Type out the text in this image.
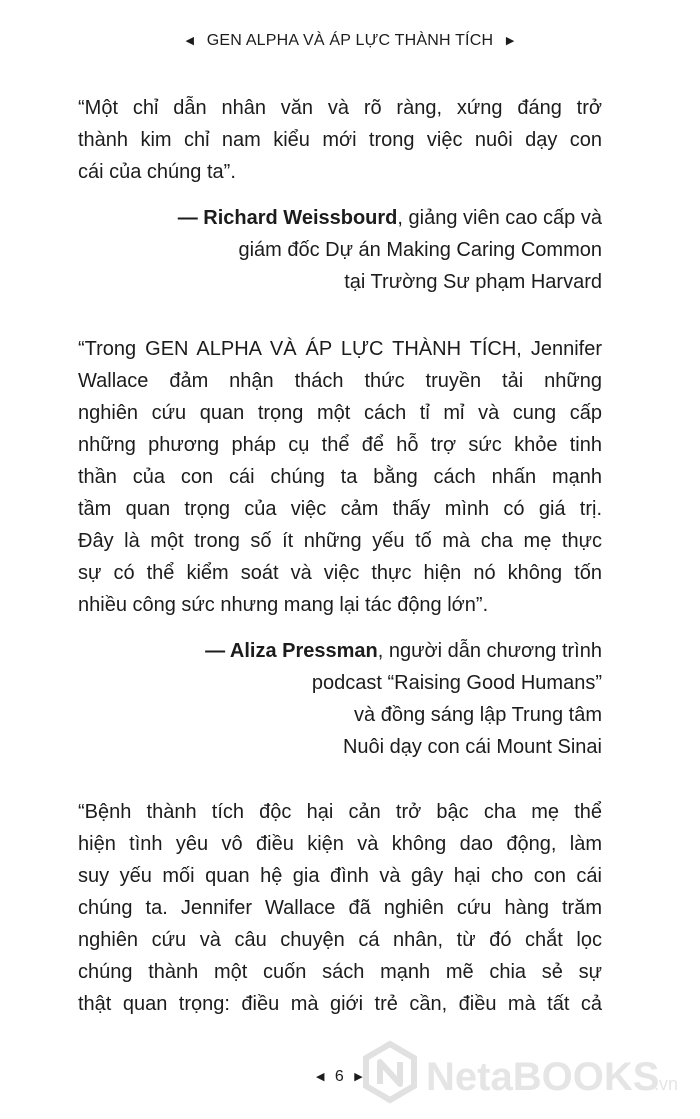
◀ GEN ALPHA VÀ ÁP LỰC THÀNH TÍCH ▶

“Một chỉ dẫn nhân văn và rõ ràng, xứng đáng trở
thành kim chỉ nam kiểu mới trong việc nuôi dạy con
cái của chúng ta”.

— Richard Weissbourd, giảng viên cao cấp và
giám đốc Dự án Making Caring Common
tại Trường Sư phạm Harvard

“Trong GEN ALPHA VÀ ÁP LỰC THÀNH TÍCH, Jennifer
Wallace đảm nhận thách thức truyền tải những
nghiên cứu quan trọng một cách tỉ mỉ và cung cấp
những phương pháp cụ thể để hỗ trợ sức khỏe tinh
thần của con cái chúng ta bằng cách nhấn mạnh
tầm quan trọng của việc cảm thấy mình có giá trị.
Đây là một trong số ít những yếu tố mà cha mẹ thực
sự có thể kiểm soát và việc thực hiện nó không tốn
nhiều công sức nhưng mang lại tác động lớn”.

— Aliza Pressman, người dẫn chương trình
podcast “Raising Good Humans”
và đồng sáng lập Trung tâm
Nuôi dạy con cái Mount Sinai

“Bệnh thành tích độc hại cản trở bậc cha mẹ thể
hiện tình yêu vô điều kiện và không dao động, làm
suy yếu mối quan hệ gia đình và gây hại cho con cái
chúng ta. Jennifer Wallace đã nghiên cứu hàng trăm
nghiên cứu và câu chuyện cá nhân, từ đó chắt lọc
chúng thành một cuốn sách mạnh mẽ chia sẻ sự
thật quan trọng: điều mà giới trẻ cần, điều mà tất cả

◀ 6 ▶ NetaBOOKS
.vn
